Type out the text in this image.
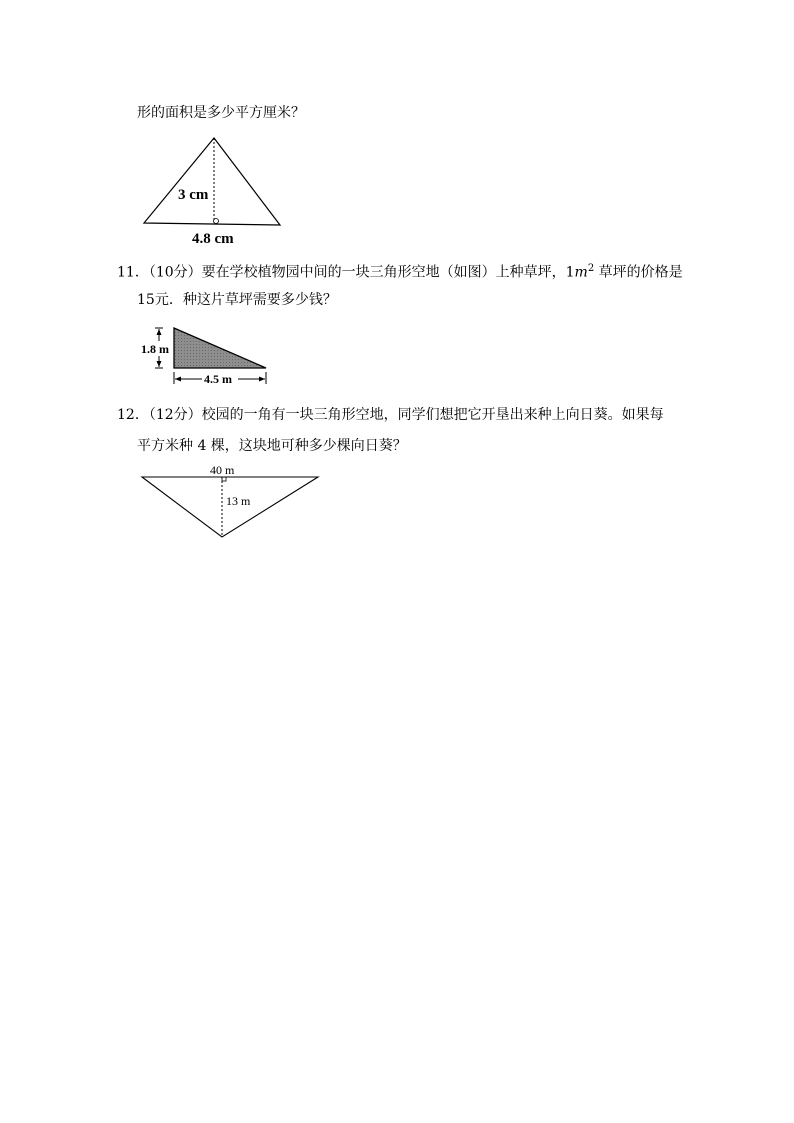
形的面积是多少平方厘米？
3 cm
4.8 cm
11．（10分）要在学校植物园中间的一块三角形空地（如图）上种草坪，$1m^2$ 草坪的价格是
15元．种这片草坪需要多少钱？
1.8 m
4.5 m
12．（12分）校园的一角有一块三角形空地，同学们想把它开垦出来种上向日葵。如果每
平方米种 4 棵，这块地可种多少棵向日葵？
40 m
13 m
